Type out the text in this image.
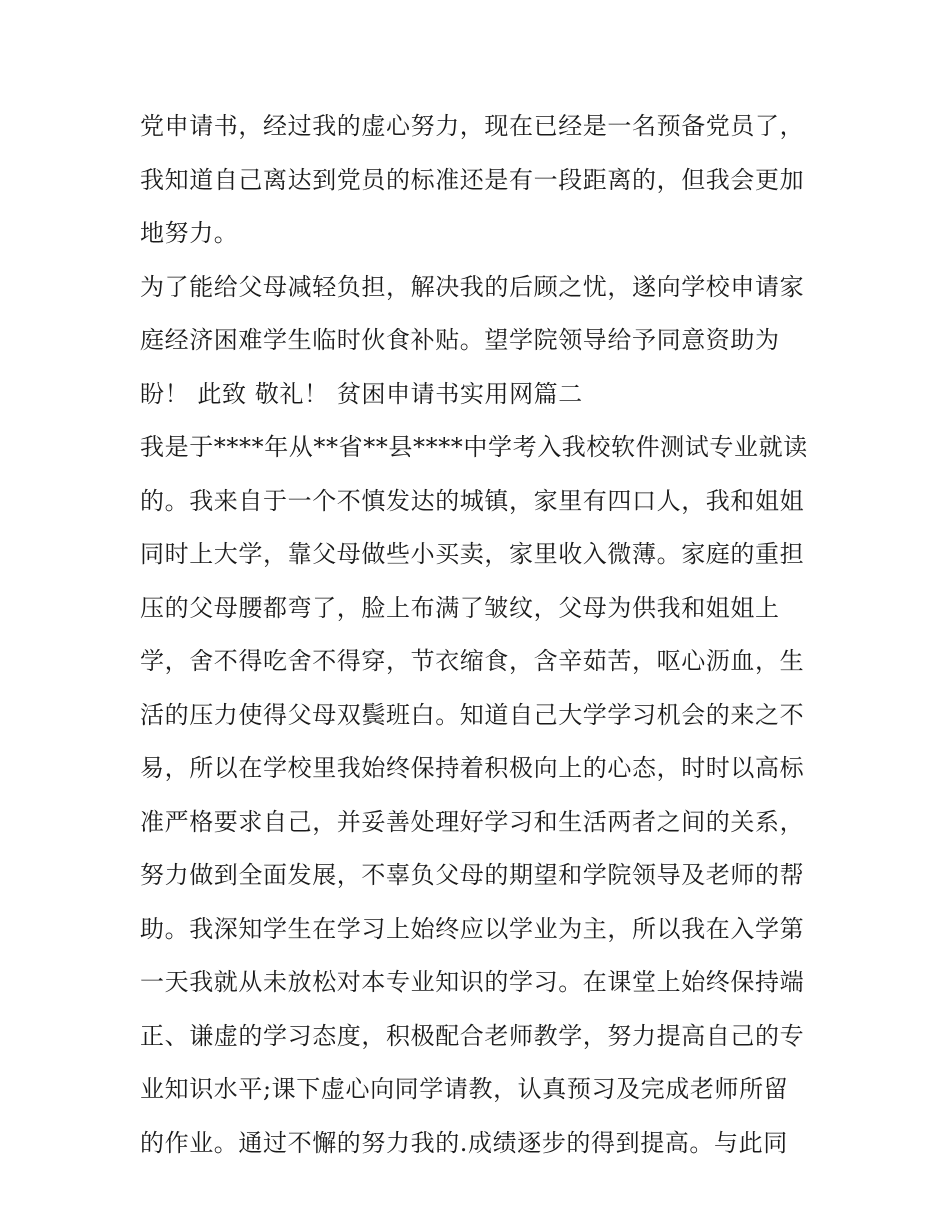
党申请书，经过我的虚心努力，现在已经是一名预备党员了，
我知道自己离达到党员的标准还是有一段距离的，但我会更加
地努力。
为了能给父母减轻负担，解决我的后顾之忧，遂向学校申请家
庭经济困难学生临时伙食补贴。望学院领导给予同意资助为
盼！ 此致 敬礼！ 贫困申请书实用网篇二
我是于****年从**省**县****中学考入我校软件测试专业就读
的。我来自于一个不慎发达的城镇，家里有四口人，我和姐姐
同时上大学，靠父母做些小买卖，家里收入微薄。家庭的重担
压的父母腰都弯了，脸上布满了皱纹，父母为供我和姐姐上
学，舍不得吃舍不得穿，节衣缩食，含辛茹苦，呕心沥血，生
活的压力使得父母双鬓班白。知道自己大学学习机会的来之不
易，所以在学校里我始终保持着积极向上的心态，时时以高标
准严格要求自己，并妥善处理好学习和生活两者之间的关系，
努力做到全面发展，不辜负父母的期望和学院领导及老师的帮
助。我深知学生在学习上始终应以学业为主，所以我在入学第
一天我就从未放松对本专业知识的学习。在课堂上始终保持端
正、谦虚的学习态度，积极配合老师教学，努力提高自己的专
业知识水平;课下虚心向同学请教，认真预习及完成老师所留
的作业。通过不懈的努力我的.成绩逐步的得到提高。与此同
